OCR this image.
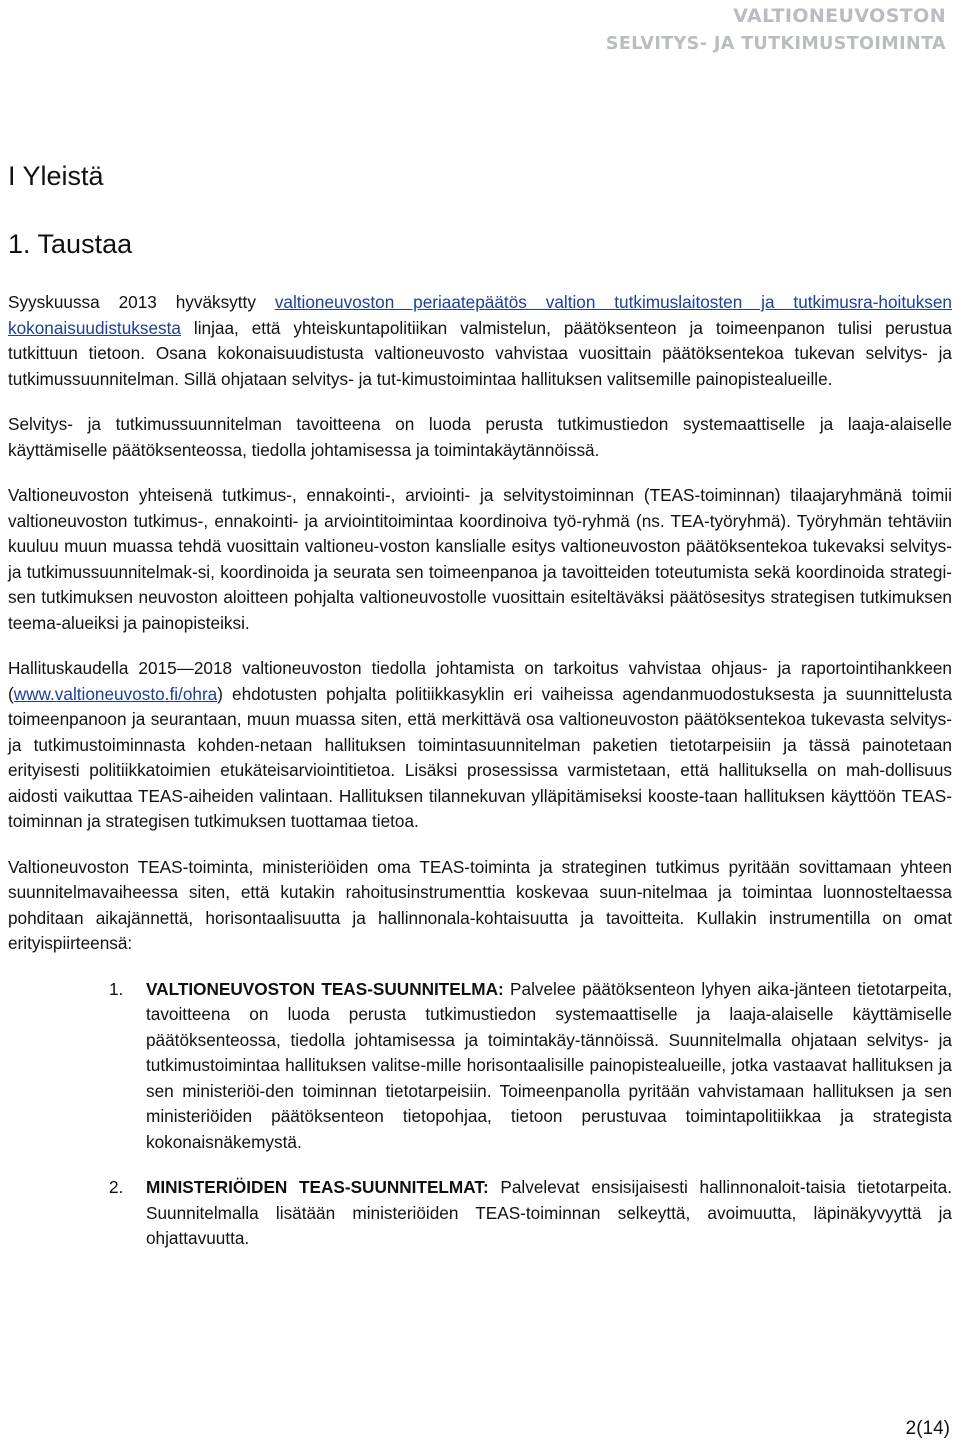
VALTIONEUVOSTON
SELVITYS- JA TUTKIMUSTOIMINTA
I Yleistä
1. Taustaa

Syyskuussa 2013 hyväksytty valtioneuvoston periaatepäätös valtion tutkimuslaitosten ja tutkimusra-hoituksen kokonaisuudistuksesta linjaa, että yhteiskuntapolitiikan valmistelun, päätöksenteon ja toimeenpanon tulisi perustua tutkittuun tietoon. Osana kokonaisuudistusta valtioneuvosto vahvistaa vuosittain päätöksentekoa tukevan selvitys- ja tutkimussuunnitelman. Sillä ohjataan selvitys- ja tut-kimustoimintaa hallituksen valitsemille painopistealueille.

Selvitys- ja tutkimussuunnitelman tavoitteena on luoda perusta tutkimustiedon systemaattiselle ja laaja-alaiselle käyttämiselle päätöksenteossa, tiedolla johtamisessa ja toimintakäytännöissä.

Valtioneuvoston yhteisenä tutkimus-, ennakointi-, arviointi- ja selvitystoiminnan (TEAS-toiminnan) tilaajaryhmänä toimii valtioneuvoston tutkimus-, ennakointi- ja arviointitoimintaa koordinoiva työ-ryhmä (ns. TEA-työryhmä). Työryhmän tehtäviin kuuluu muun muassa tehdä vuosittain valtioneu-voston kanslialle esitys valtioneuvoston päätöksentekoa tukevaksi selvitys- ja tutkimussuunnitelmak-si, koordinoida ja seurata sen toimeenpanoa ja tavoitteiden toteutumista sekä koordinoida strategi-sen tutkimuksen neuvoston aloitteen pohjalta valtioneuvostolle vuosittain esiteltäväksi päätösesitys strategisen tutkimuksen teema-alueiksi ja painopisteiksi.

Hallituskaudella 2015—2018 valtioneuvoston tiedolla johtamista on tarkoitus vahvistaa ohjaus- ja raportointihankkeen (www.valtioneuvosto.fi/ohra) ehdotusten pohjalta politiikkasyklin eri vaiheissa agendanmuodostuksesta ja suunnittelusta toimeenpanoon ja seurantaan, muun muassa siten, että merkittävä osa valtioneuvoston päätöksentekoa tukevasta selvitys- ja tutkimustoiminnasta kohden-netaan hallituksen toimintasuunnitelman paketien tietotarpeisiin ja tässä painotetaan erityisesti politiikkatoimien etukäteisarviointitietoa. Lisäksi prosessissa varmistetaan, että hallituksella on mah-dollisuus aidosti vaikuttaa TEAS-aiheiden valintaan. Hallituksen tilannekuvan ylläpitämiseksi kooste-taan hallituksen käyttöön TEAS-toiminnan ja strategisen tutkimuksen tuottamaa tietoa.

Valtioneuvoston TEAS-toiminta, ministeriöiden oma TEAS-toiminta ja strateginen tutkimus pyritään sovittamaan yhteen suunnitelmavaiheessa siten, että kutakin rahoitusinstrumenttia koskevaa suun-nitelmaa ja toimintaa luonnosteltaessa pohditaan aikajännettä, horisontaalisuutta ja hallinnonala-kohtaisuutta ja tavoitteita. Kullakin instrumentilla on omat erityispiirteensä:

1. VALTIONEUVOSTON TEAS-SUUNNITELMA: Palvelee päätöksenteon lyhyen aika-jänteen tietotarpeita, tavoitteena on luoda perusta tutkimustiedon systemaattiselle ja laaja-alaiselle käyttämiselle päätöksenteossa, tiedolla johtamisessa ja toimintakäy-tännöissä. Suunnitelmalla ohjataan selvitys- ja tutkimustoimintaa hallituksen valitse-mille horisontaalisille painopistealueille, jotka vastaavat hallituksen ja sen ministeriöi-den toiminnan tietotarpeisiin. Toimeenpanolla pyritään vahvistamaan hallituksen ja sen ministeriöiden päätöksenteon tietopohjaa, tietoon perustuvaa toimintapolitiikkaa ja strategista kokonaisnäkemystä.
2. MINISTERIÖIDEN TEAS-SUUNNITELMAT: Palvelevat ensisijaisesti hallinnonaloit-taisia tietotarpeita. Suunnitelmalla lisätään ministeriöiden TEAS-toiminnan selkeyttä, avoimuutta, läpinäkyvyyttä ja ohjattavuutta.
2(14)
